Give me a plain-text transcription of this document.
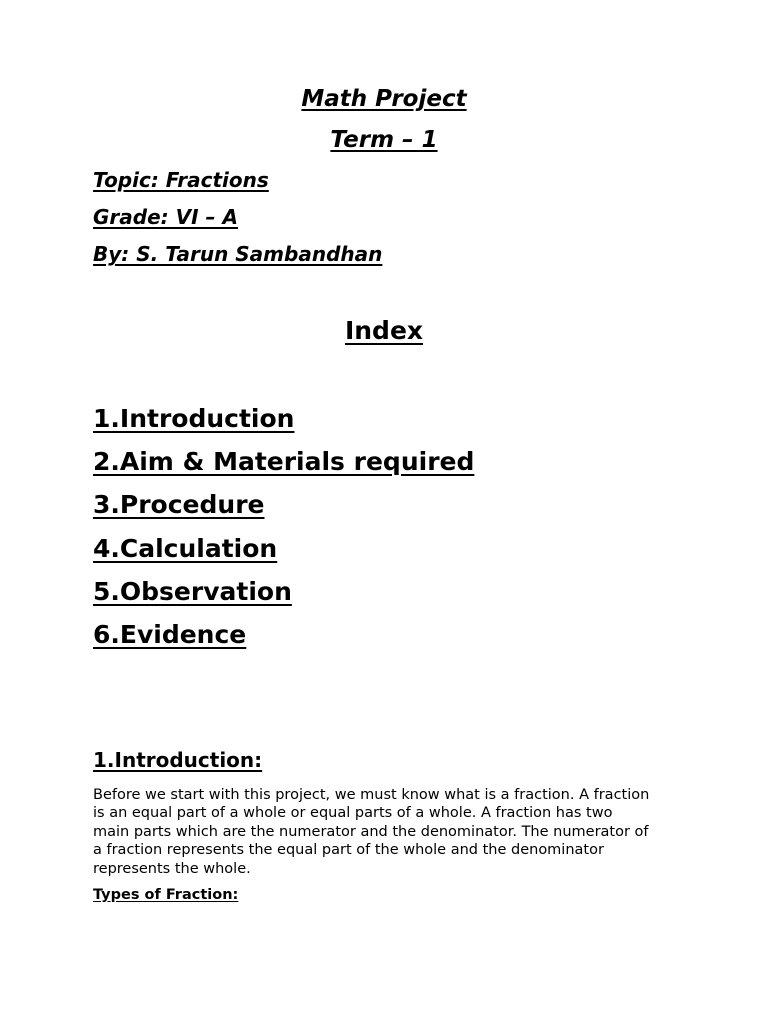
Math Project
Term – 1
Topic: Fractions
Grade: VI – A
By: S. Tarun Sambandhan
Index
1.Introduction
2.Aim & Materials required
3.Procedure
4.Calculation
5.Observation
6.Evidence
1.Introduction:

Before we start with this project, we must know what is a fraction. A fraction is an equal part of a whole or equal parts of a whole. A fraction has two main parts which are the numerator and the denominator. The numerator of a fraction represents the equal part of the whole and the denominator represents the whole.

Types of Fraction:
